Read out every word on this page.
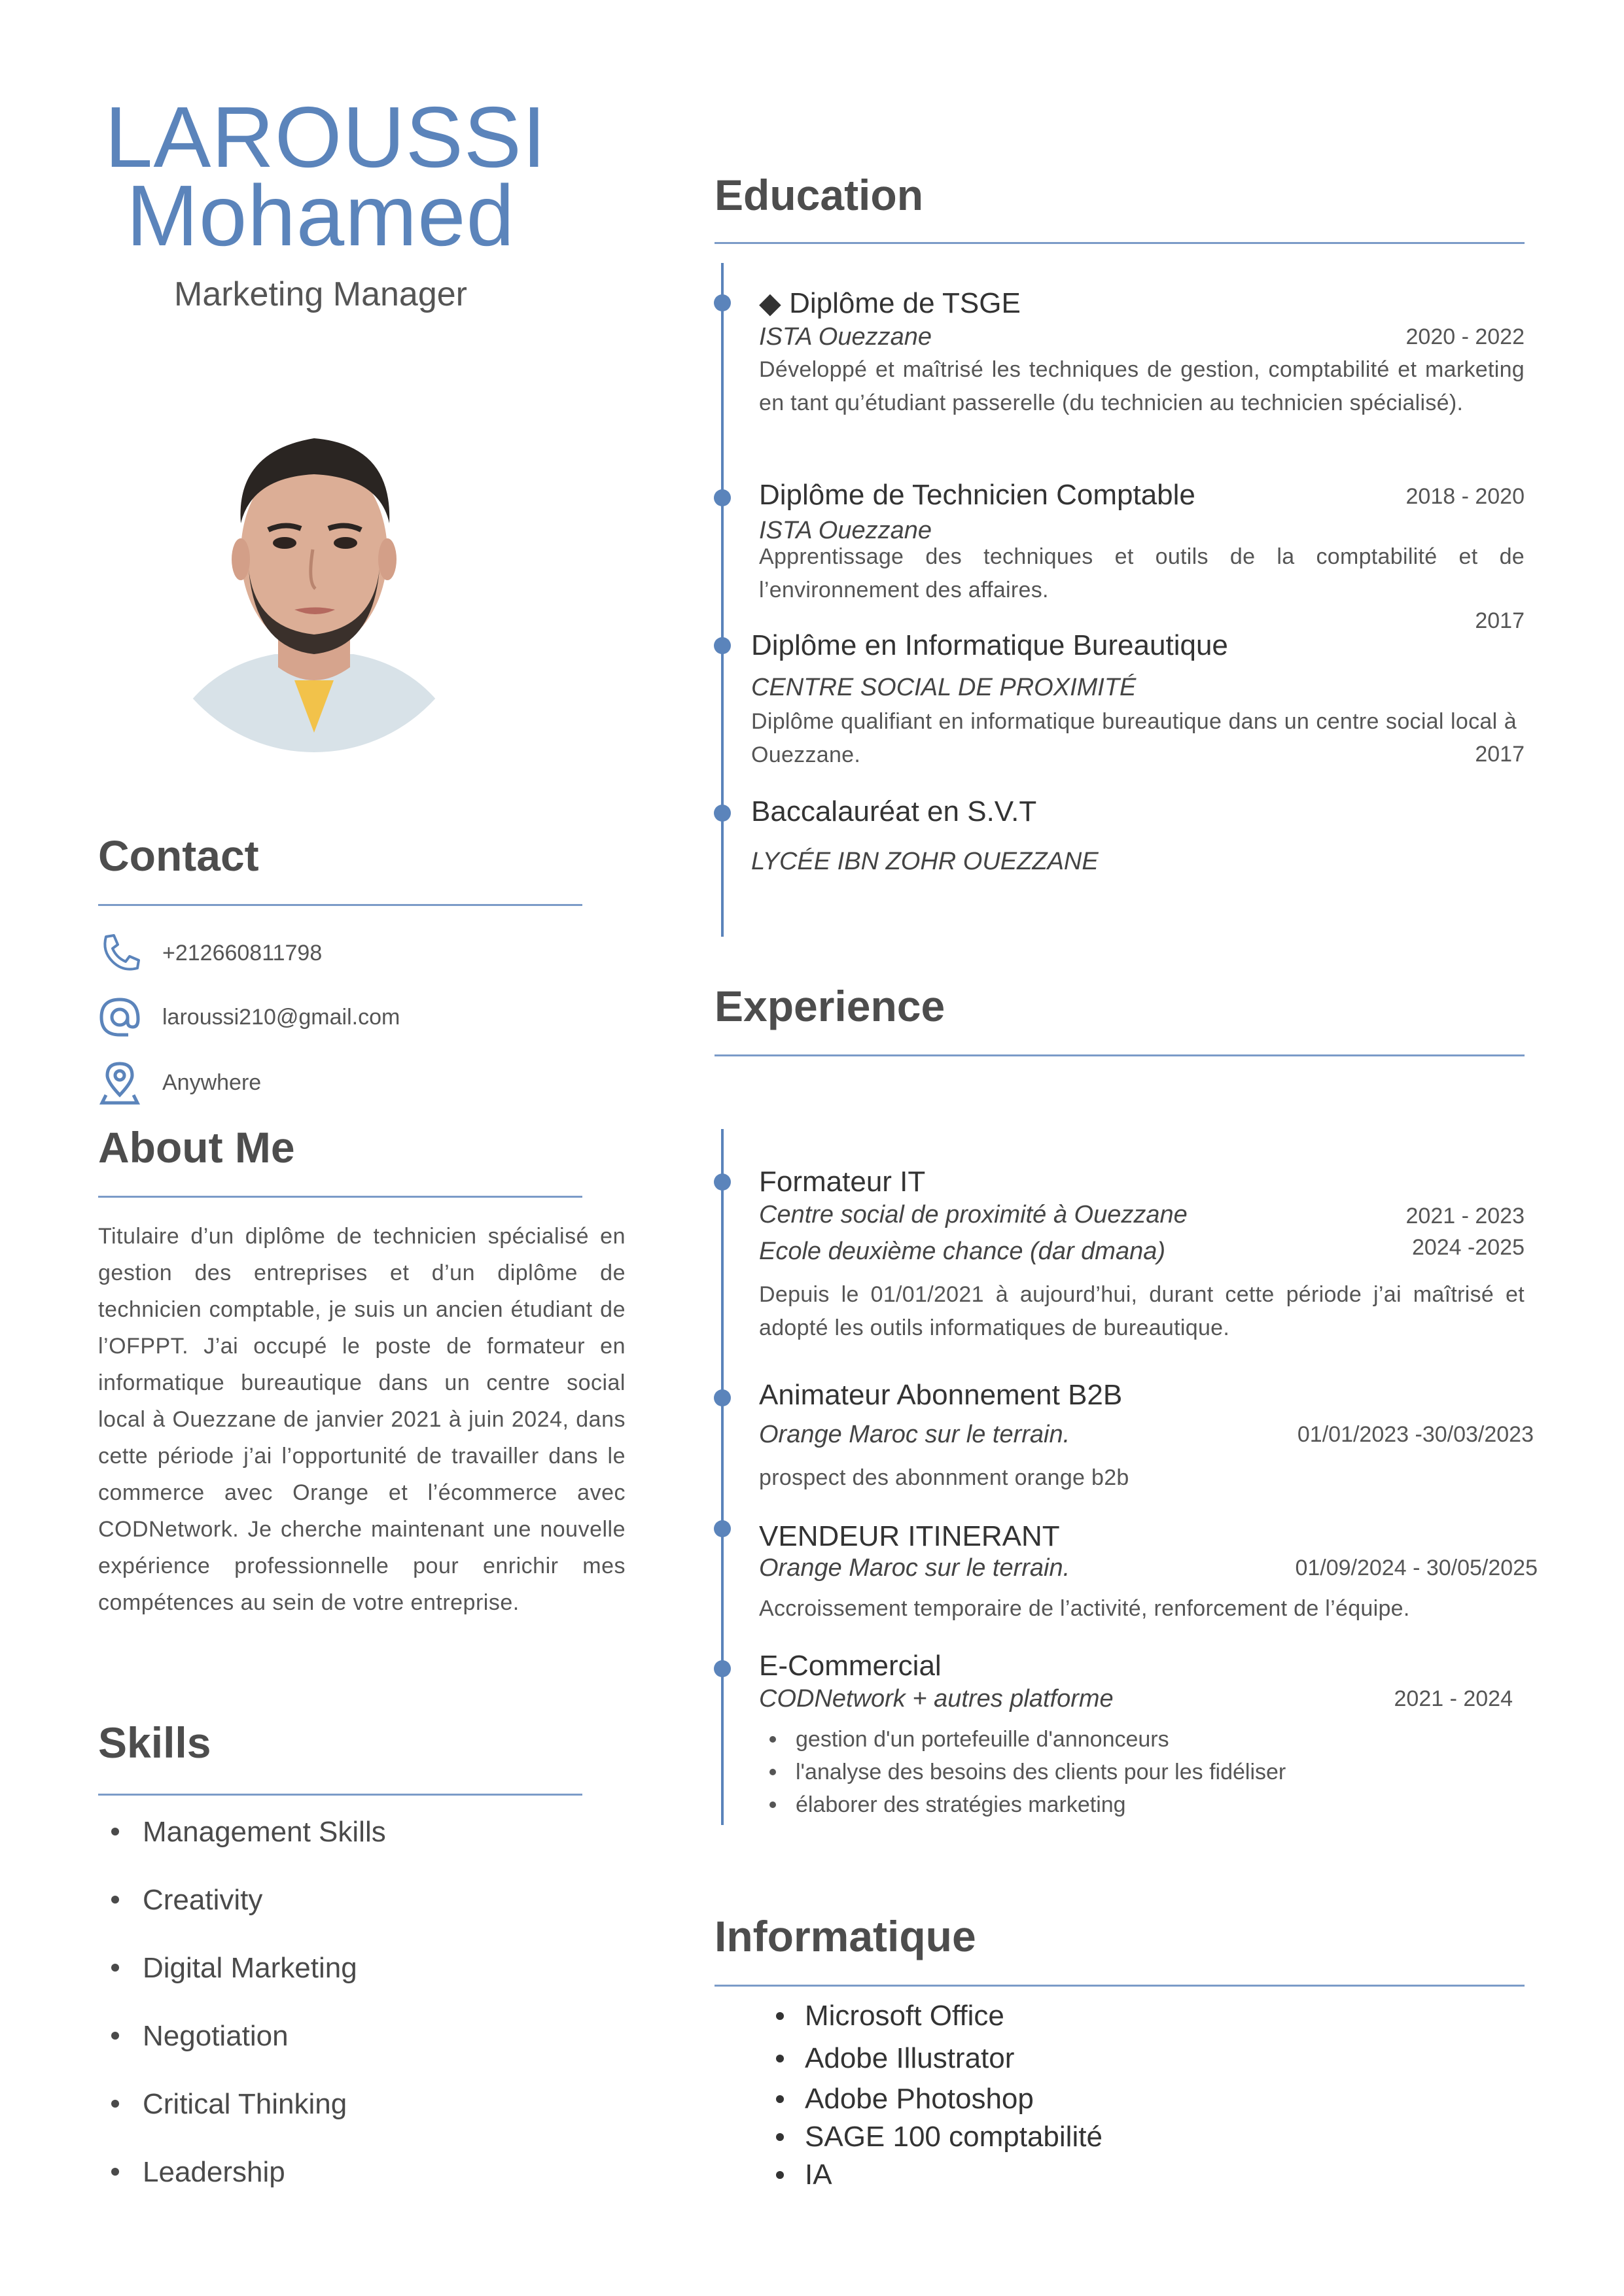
LAROUSSI
Mohamed
Marketing Manager
Contact
+212660811798
laroussi210@gmail.com
Anywhere
About Me
Titulaire d’un diplôme de technicien spécialisé en gestion des entreprises et d’un diplôme de technicien comptable, je suis un ancien étudiant de l’OFPPT. J’ai occupé le poste de formateur en informatique bureautique dans un centre social local à Ouezzane de janvier 2021 à juin 2024, dans cette période j’ai l’opportunité de travailler dans le commerce avec Orange et l’écommerce avec CODNetwork. Je cherche maintenant une nouvelle expérience professionnelle pour enrichir mes compétences au sein de votre entreprise.
Skills
Management Skills
Creativity
Digital Marketing
Negotiation
Critical Thinking
Leadership
Education
◆ Diplôme de TSGE
ISTA Ouezzane	2020 - 2022
Développé et maîtrisé les techniques de gestion, comptabilité et marketing en tant qu’étudiant passerelle (du technicien au technicien spécialisé).
Diplôme de Technicien Comptable	2018 - 2020
ISTA Ouezzane
Apprentissage des techniques et outils de la comptabilité et de l’environnement des affaires.
2017
Diplôme en Informatique Bureautique
CENTRE SOCIAL DE PROXIMITÉ
Diplôme qualifiant en informatique bureautique dans un centre social local à Ouezzane.	2017
Baccalauréat en S.V.T
LYCÉE IBN ZOHR OUEZZANE
Experience
Formateur IT
Centre social de proximité à Ouezzane	2021 - 2023
Ecole deuxième chance (dar dmana)	2024 -2025
Depuis le 01/01/2021 à aujourd’hui, durant cette période j’ai maîtrisé et adopté les outils informatiques de bureautique.
Animateur Abonnement B2B
Orange Maroc sur le terrain.	01/01/2023 -30/03/2023
prospect des abonnment orange b2b
VENDEUR ITINERANT
Orange Maroc sur le terrain.	01/09/2024 - 30/05/2025
Accroissement temporaire de l’activité, renforcement de l’équipe.
E-Commercial
CODNetwork + autres platforme	2021 - 2024
gestion d'un portefeuille d'annonceurs
l'analyse des besoins des clients pour les fidéliser
élaborer des stratégies marketing
Informatique
Microsoft Office
Adobe Illustrator
Adobe Photoshop
SAGE 100 comptabilité
IA
